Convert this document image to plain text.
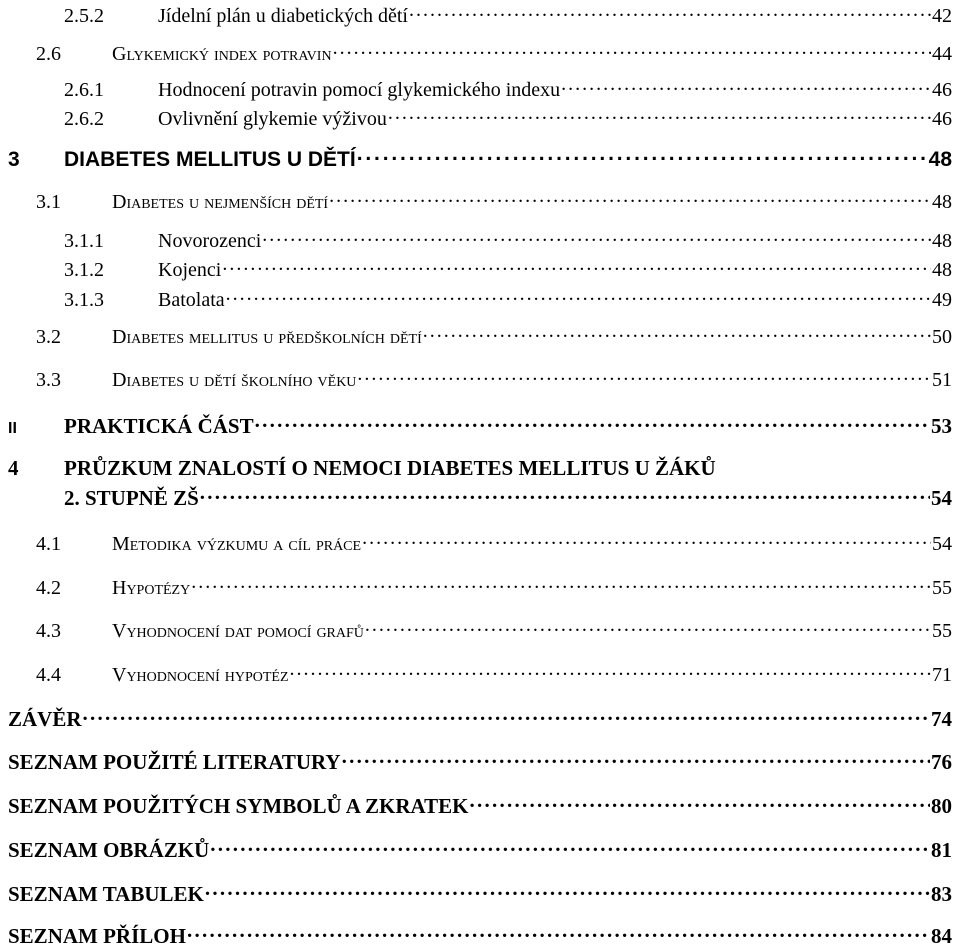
2.5.2	Jídelní plán u diabetických dětí . . .	42
2.6	Glykemický index potravin . . .	44
2.6.1	Hodnocení potravin pomocí glykemického indexu . . .	46
2.6.2	Ovlivnění glykemie výživou . . .	46
3	DIABETES MELLITUS U DĚTÍ . . .	48
3.1	Diabetes u nejmenších dětí . . .	48
3.1.1	Novorozenci . . .	48
3.1.2	Kojenci . . .	48
3.1.3	Batolata . . .	49
3.2	Diabetes mellitus u předškolních dětí . . .	50
3.3	Diabetes u dětí školního věku . . .	51
II	PRAKTICKÁ ČÁST . . .	53
4 PRŮZKUM ZNALOSTÍ O NEMOCI DIABETES MELLITUS U ŽÁKŮ
2. STUPNĚ ZŠ . . .	54
4.1	Metodika výzkumu a cíl práce . . .	54
4.2	Hypotézy . . .	55
4.3	Vyhodnocení dat pomocí grafů . . .	55
4.4	Vyhodnocení hypotéz . . .	71
ZÁVĚR . . .	74
SEZNAM POUŽITÉ LITERATURY . . .	76
SEZNAM POUŽITÝCH SYMBOLŮ A ZKRATEK . . .	80
SEZNAM OBRÁZKŮ . . .	81
SEZNAM TABULEK . . .	83
SEZNAM PŘÍLOH . . .	84
